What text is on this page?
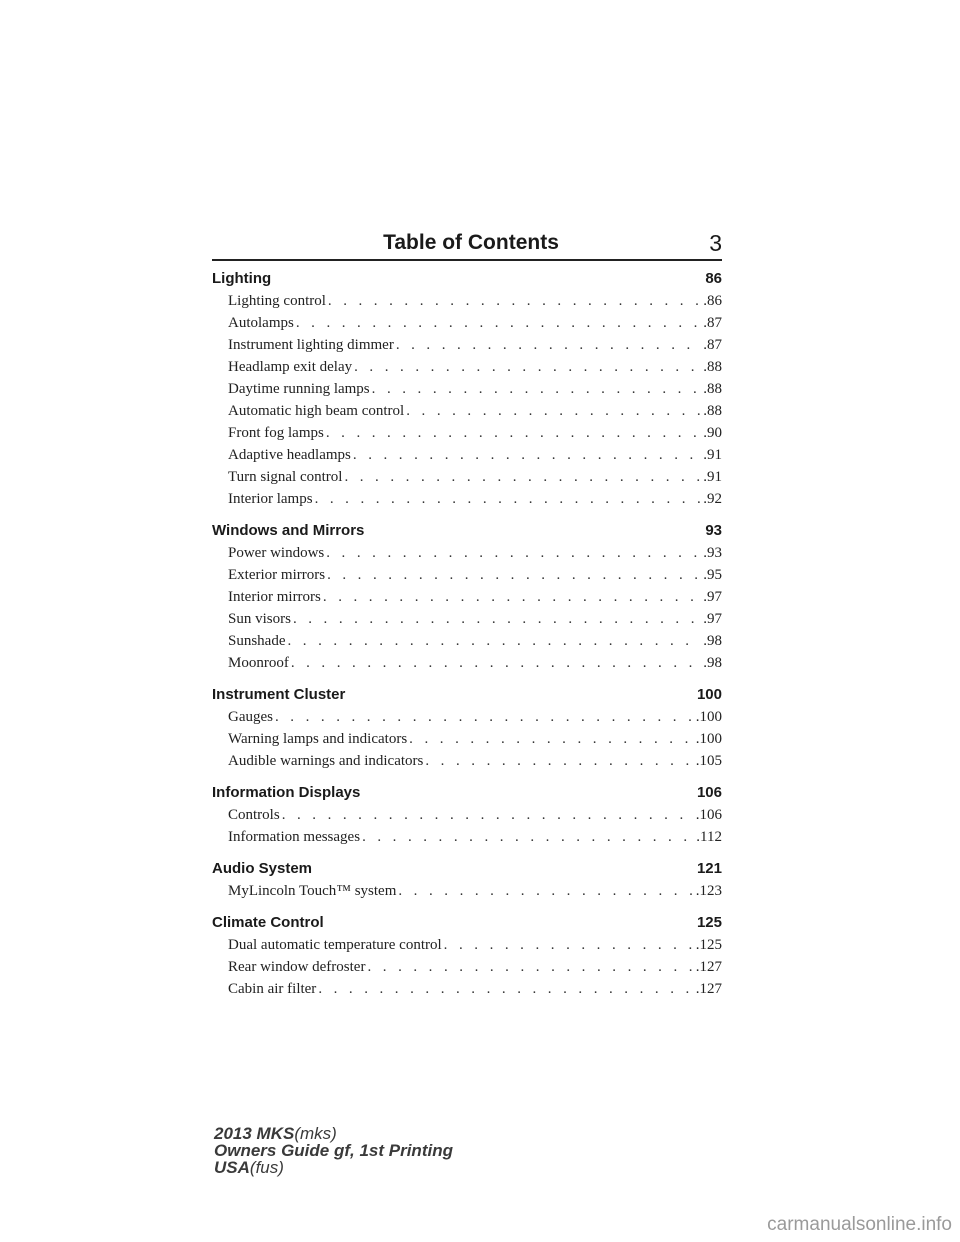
Table of Contents	3
Lighting	86
Lighting control . . .	.86
Autolamps . . .	.87
Instrument lighting dimmer . . .	.87
Headlamp exit delay . . .	.88
Daytime running lamps . . .	.88
Automatic high beam control . . .	.88
Front fog lamps . . .	.90
Adaptive headlamps . . .	.91
Turn signal control . . .	.91
Interior lamps . . .	.92
Windows and Mirrors	93
Power windows . . .	.93
Exterior mirrors . . .	.95
Interior mirrors . . .	.97
Sun visors . . .	.97
Sunshade . . .	.98
Moonroof . . .	.98
Instrument Cluster	100
Gauges . . .	.100
Warning lamps and indicators . . .	.100
Audible warnings and indicators . . .	.105
Information Displays	106
Controls . . .	.106
Information messages . . .	.112
Audio System	121
MyLincoln Touch™ system . . .	.123
Climate Control	125
Dual automatic temperature control . . .	.125
Rear window defroster . . .	.127
Cabin air filter . . .	.127
2013 MKS(mks)
Owners Guide gf, 1st Printing
USA(fus)
carmanualsonline.info
